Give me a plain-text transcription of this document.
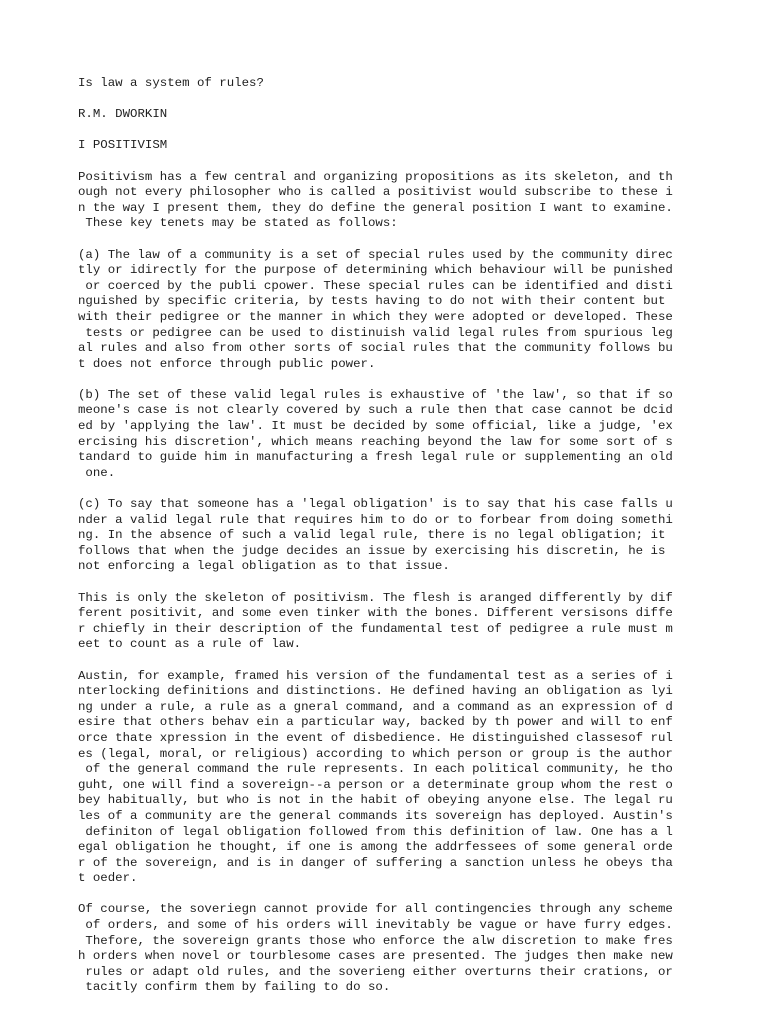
Is law a system of rules?
R.M. DWORKIN
I POSITIVISM
Positivism has a few central and organizing propositions as its skeleton, and th
ough not every philosopher who is called a positivist would subscribe to these i
n the way I present them, they do define the general position I want to examine.
These key tenets may be stated as follows:
(a) The law of a community is a set of special rules used by the community direc
tly or idirectly for the purpose of determining which behaviour will be punished
or coerced by the publi cpower. These special rules can be identified and disti
nguished by specific criteria, by tests having to do not with their content but
with their pedigree or the manner in which they were adopted or developed. These
tests or pedigree can be used to distinuish valid legal rules from spurious leg
al rules and also from other sorts of social rules that the community follows bu
t does not enforce through public power.
(b) The set of these valid legal rules is exhaustive of 'the law', so that if so
meone's case is not clearly covered by such a rule then that case cannot be dcid
ed by 'applying the law'. It must be decided by some official, like a judge, 'ex
ercising his discretion', which means reaching beyond the law for some sort of s
tandard to guide him in manufacturing a fresh legal rule or supplementing an old
one.
(c) To say that someone has a 'legal obligation' is to say that his case falls u
nder a valid legal rule that requires him to do or to forbear from doing somethi
ng. In the absence of such a valid legal rule, there is no legal obligation; it
follows that when the judge decides an issue by exercising his discretin, he is
not enforcing a legal obligation as to that issue.
This is only the skeleton of positivism. The flesh is aranged differently by dif
ferent positivit, and some even tinker with the bones. Different versisons diffe
r chiefly in their description of the fundamental test of pedigree a rule must m
eet to count as a rule of law.
Austin, for example, framed his version of the fundamental test as a series of i
nterlocking definitions and distinctions. He defined having an obligation as lyi
ng under a rule, a rule as a gneral command, and a command as an expression of d
esire that others behav ein a particular way, backed by th power and will to enf
orce thate xpression in the event of disbedience. He distinguished classesof rul
es (legal, moral, or religious) according to which person or group is the author
of the general command the rule represents. In each political community, he tho
guht, one will find a sovereign--a person or a determinate group whom the rest o
bey habitually, but who is not in the habit of obeying anyone else. The legal ru
les of a community are the general commands its sovereign has deployed. Austin's
definiton of legal obligation followed from this definition of law. One has a l
egal obligation he thought, if one is among the addrfessees of some general orde
r of the sovereign, and is in danger of suffering a sanction unless he obeys tha
t oeder.
Of course, the soveriegn cannot provide for all contingencies through any scheme
of orders, and some of his orders will inevitably be vague or have furry edges.
Thefore, the sovereign grants those who enforce the alw discretion to make fres
h orders when novel or tourblesome cases are presented. The judges then make new
rules or adapt old rules, and the soverieng either overturns their crations, or
tacitly confirm them by failing to do so.
